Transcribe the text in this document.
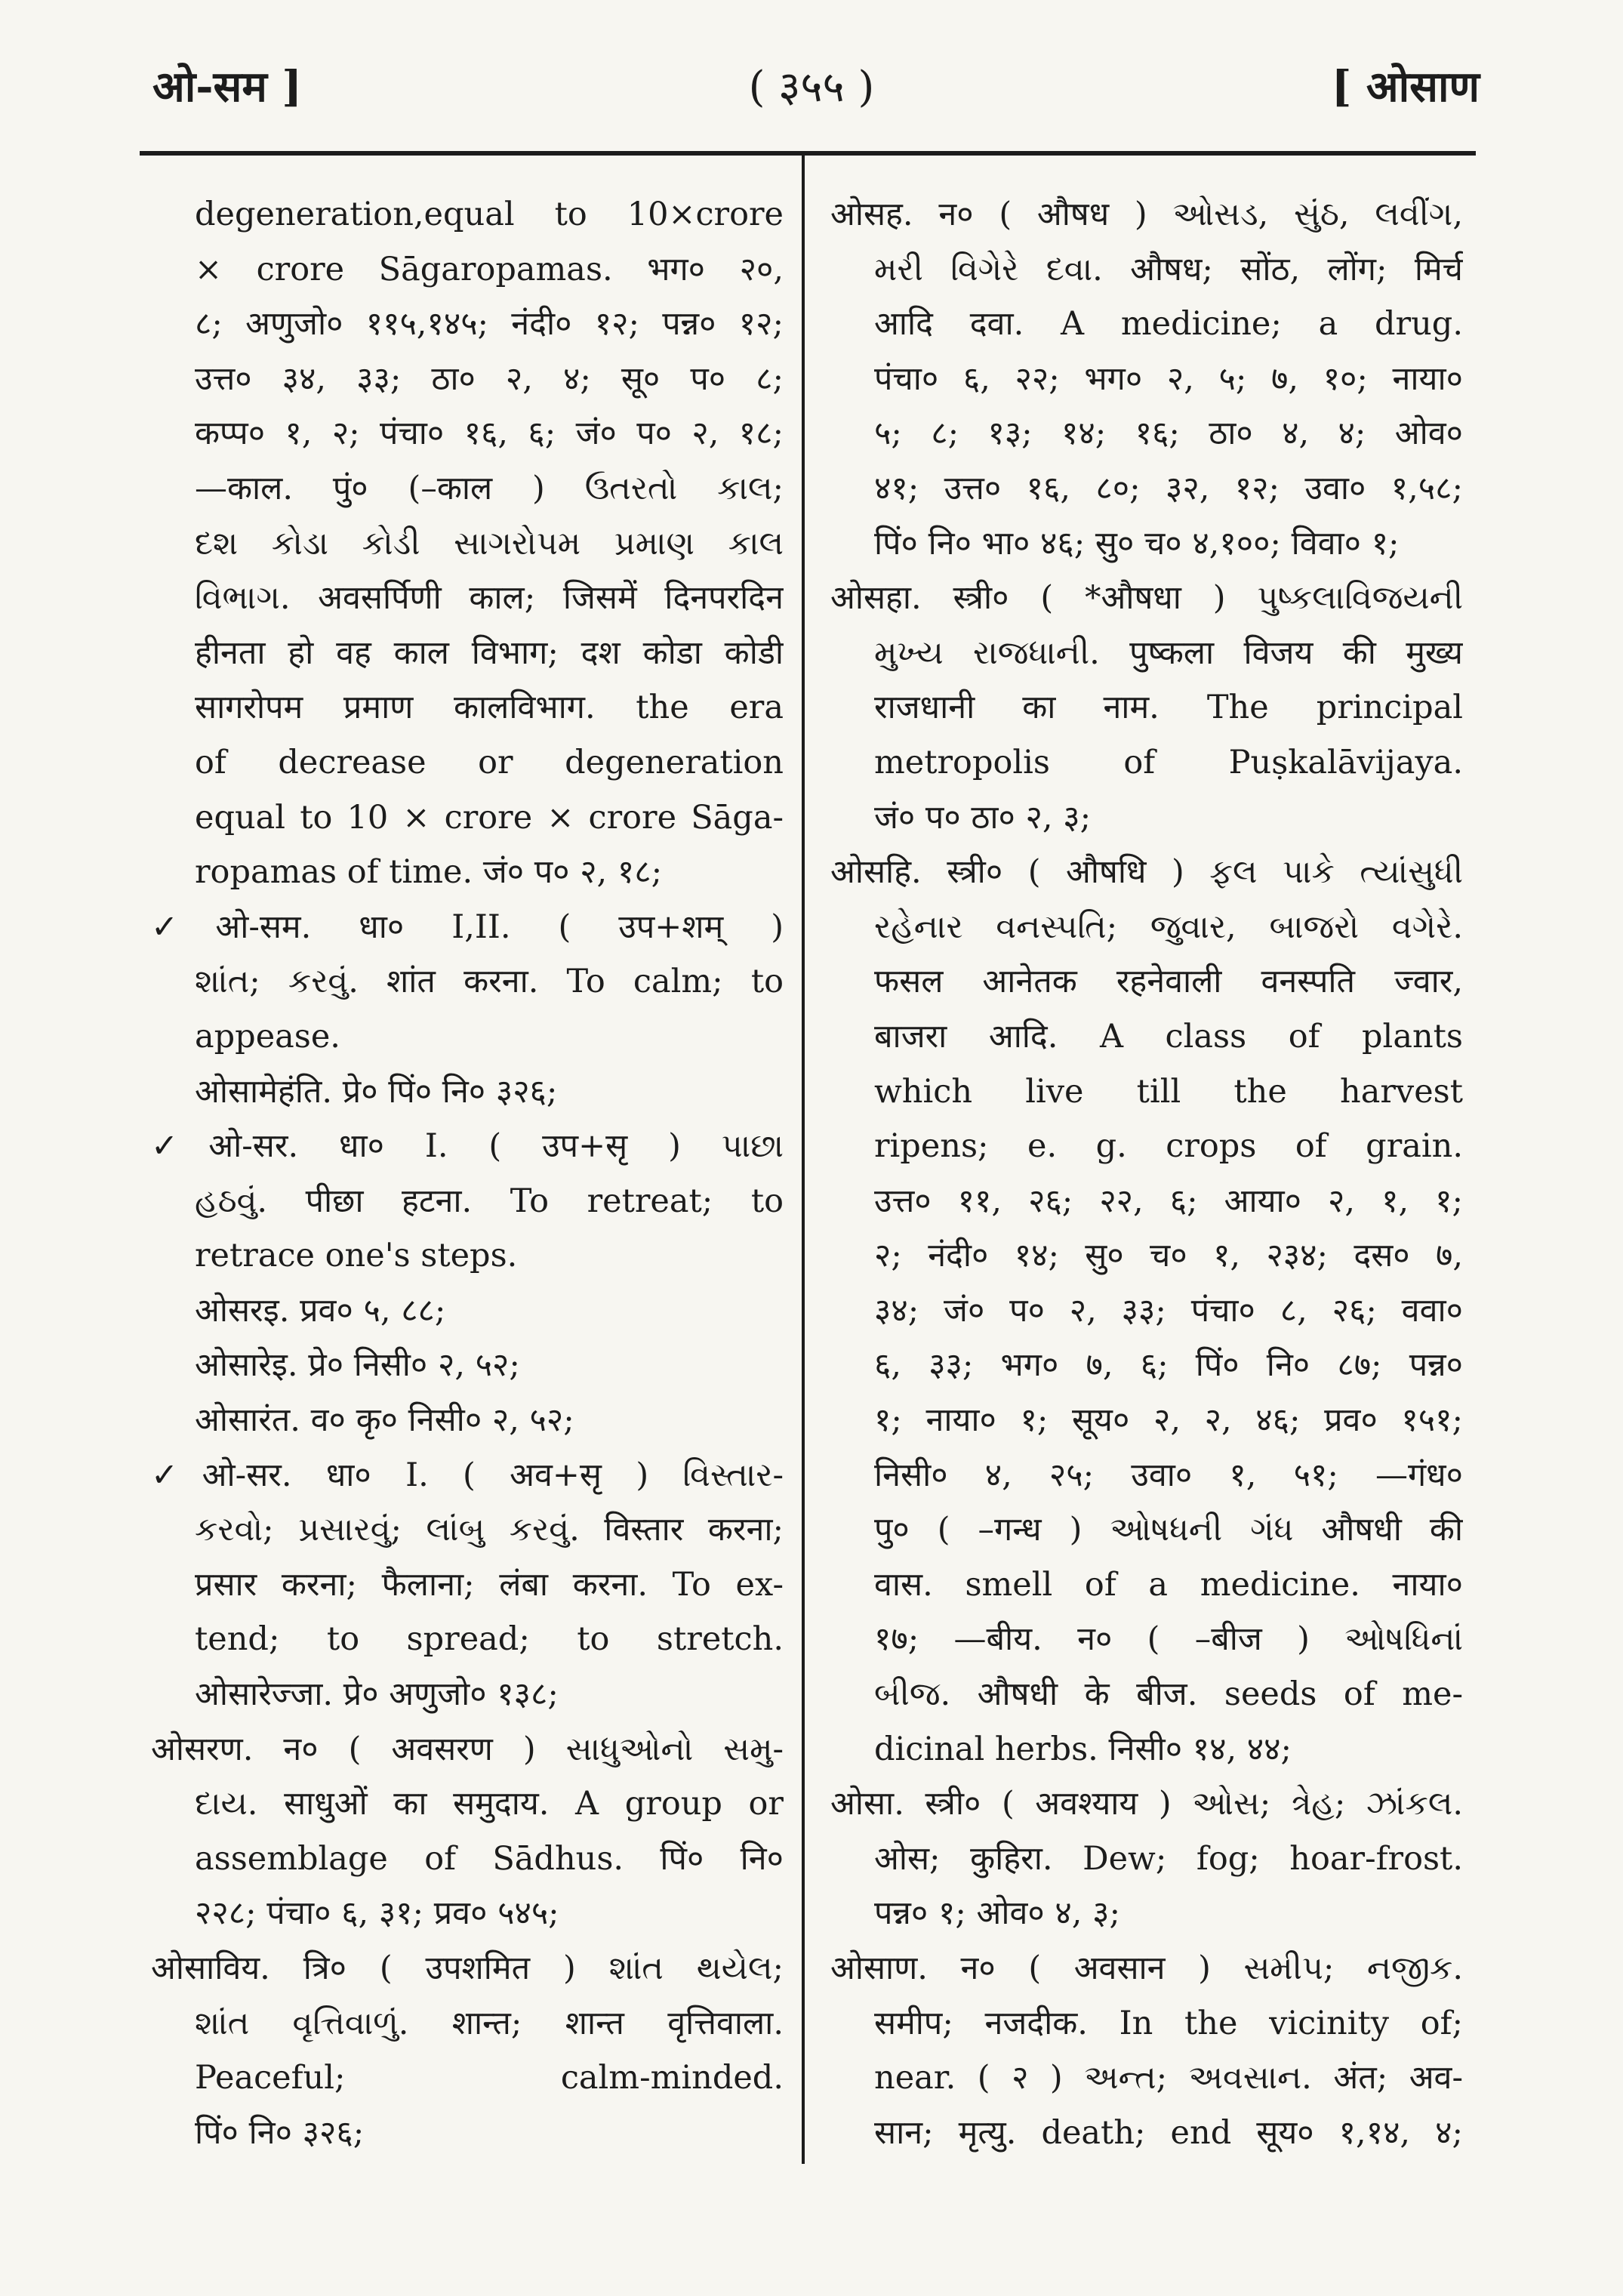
ओ-सम ]	( ३५५ )	[ ओसाण
degeneration,equal to 10×crore
× crore Sāgaropamas. भग० २०,
८; अणुजो० ११५,१४५; नंदी० १२; पन्न० १२;
उत्त० ३४, ३३; ठा० २, ४; सू० प० ८;
कप्प० १, २; पंचा० १६, ६; जं० प० २, १८;
—काल. पुं० (–काल ) ઉતરતો કાલ;
દશ કોડા કોડી સાગરોપમ પ્રમાણ કાલ
વિભાગ. अवसर्पिणी काल; जिसमें दिनपरदिन
हीनता हो वह काल विभाग; दश कोडा कोडी
सागरोपम प्रमाण कालविभाग. the era
of decrease or degeneration
equal to 10 × crore × crore Sāga-
ropamas of time. जं० प० २, १८;
✓ओ-सम. धा० I,II. ( उप+शम् )
શાંત; કરવું. शांत करना. To calm; to
appease.
ओसामेहंति. प्रे० पिं० नि० ३२६;
✓ओ-सर. धा० I. ( उप+सृ ) પાછા
હઠવું. पीछा हटना. To retreat; to
retrace one's steps.
ओसरइ. प्रव० ५, ८८;
ओसारेइ. प्रे० निसी० २, ५२;
ओसारंत. व० कृ० निसी० २, ५२;
✓ओ-सर. धा० I. ( अव+सृ ) વિસ્તાર-
કરવો; પ્રસારવું; લાંબુ કરવું. विस्तार करना;
प्रसार करना; फैलाना; लंबा करना. To ex-
tend; to spread; to stretch.
ओसारेज्जा. प्रे० अणुजो० १३८;
ओसरण. न० ( अवसरण ) સાધુઓનો સમુ-
દાય. साधुओं का समुदाय. A group or
assemblage of Sādhus. पिं० नि०
२२८; पंचा० ६, ३१; प्रव० ५४५;
ओसाविय. त्रि० ( उपशमित ) શાંત થયેલ;
શાંત વૃત્તિવાળું. शान्त; शान्त वृत्तिवाला.
Peaceful; calm-minded.
पिं० नि० ३२६;
ओसह. न० ( औषध ) ઓસડ, સુંઠ, લવીંગ,
મરી વિગેરે દવા. औषध; सोंठ, लोंग; मिर्च
आदि दवा. A medicine; a drug.
पंचा० ६, २२; भग० २, ५; ७, १०; नाया०
५; ८; १३; १४; १६; ठा० ४, ४; ओव०
४१; उत्त० १६, ८०; ३२, १२; उवा० १,५८;
पिं० नि० भा० ४६; सु० च० ४,१००; विवा० १;
ओसहा. स्त्री० ( *औषधा ) પુષ્કલાવિજયની
મુખ્ય રાજધાની. पुष्कला विजय की मुख्य
राजधानी का नाम. The principal
metropolis of Puṣkalāvijaya.
जं० प० ठा० २, ३;
ओसहि. स्त्री० ( औषधि ) ફલ પાકે ત્યાંસુધી
રહેનાર વનસ્પતિ; જુવાર, બાજરો વગેરે.
फसल आनेतक रहनेवाली वनस्पति ज्वार,
बाजरा आदि. A class of plants
which live till the harvest
ripens; e. g. crops of grain.
उत्त० ११, २६; २२, ६; आया० २, १, १;
२; नंदी० १४; सु० च० १, २३४; दस० ७,
३४; जं० प० २, ३३; पंचा० ८, २६; ववा०
६, ३३; भग० ७, ६; पिं० नि० ८७; पन्न०
१; नाया० १; सूय० २, २, ४६; प्रव० १५१;
निसी० ४, २५; उवा० १, ५१; —गंध०
पु० ( –गन्ध ) ઓષધની ગંધ औषधी की
वास. smell of a medicine. नाया०
१७; —बीय. न० ( –बीज ) ઓષધિનાં
બીજ. औषधी के बीज. seeds of me-
dicinal herbs. निसी० १४, ४४;
ओसा. स्त्री० ( अवश्याय ) ઓસ; ત્રેહ; ઝાંકલ.
ओस; कुहिरा. Dew; fog; hoar-frost.
पन्न० १; ओव० ४, ३;
ओसाण. न० ( अवसान ) સમીપ; નજીક.
समीप; नजदीक. In the vicinity of;
near. ( २ ) અન્ત; અવસાન. अंत; अव-
सान; मृत्यु. death; end सूय० १,१४, ४;
